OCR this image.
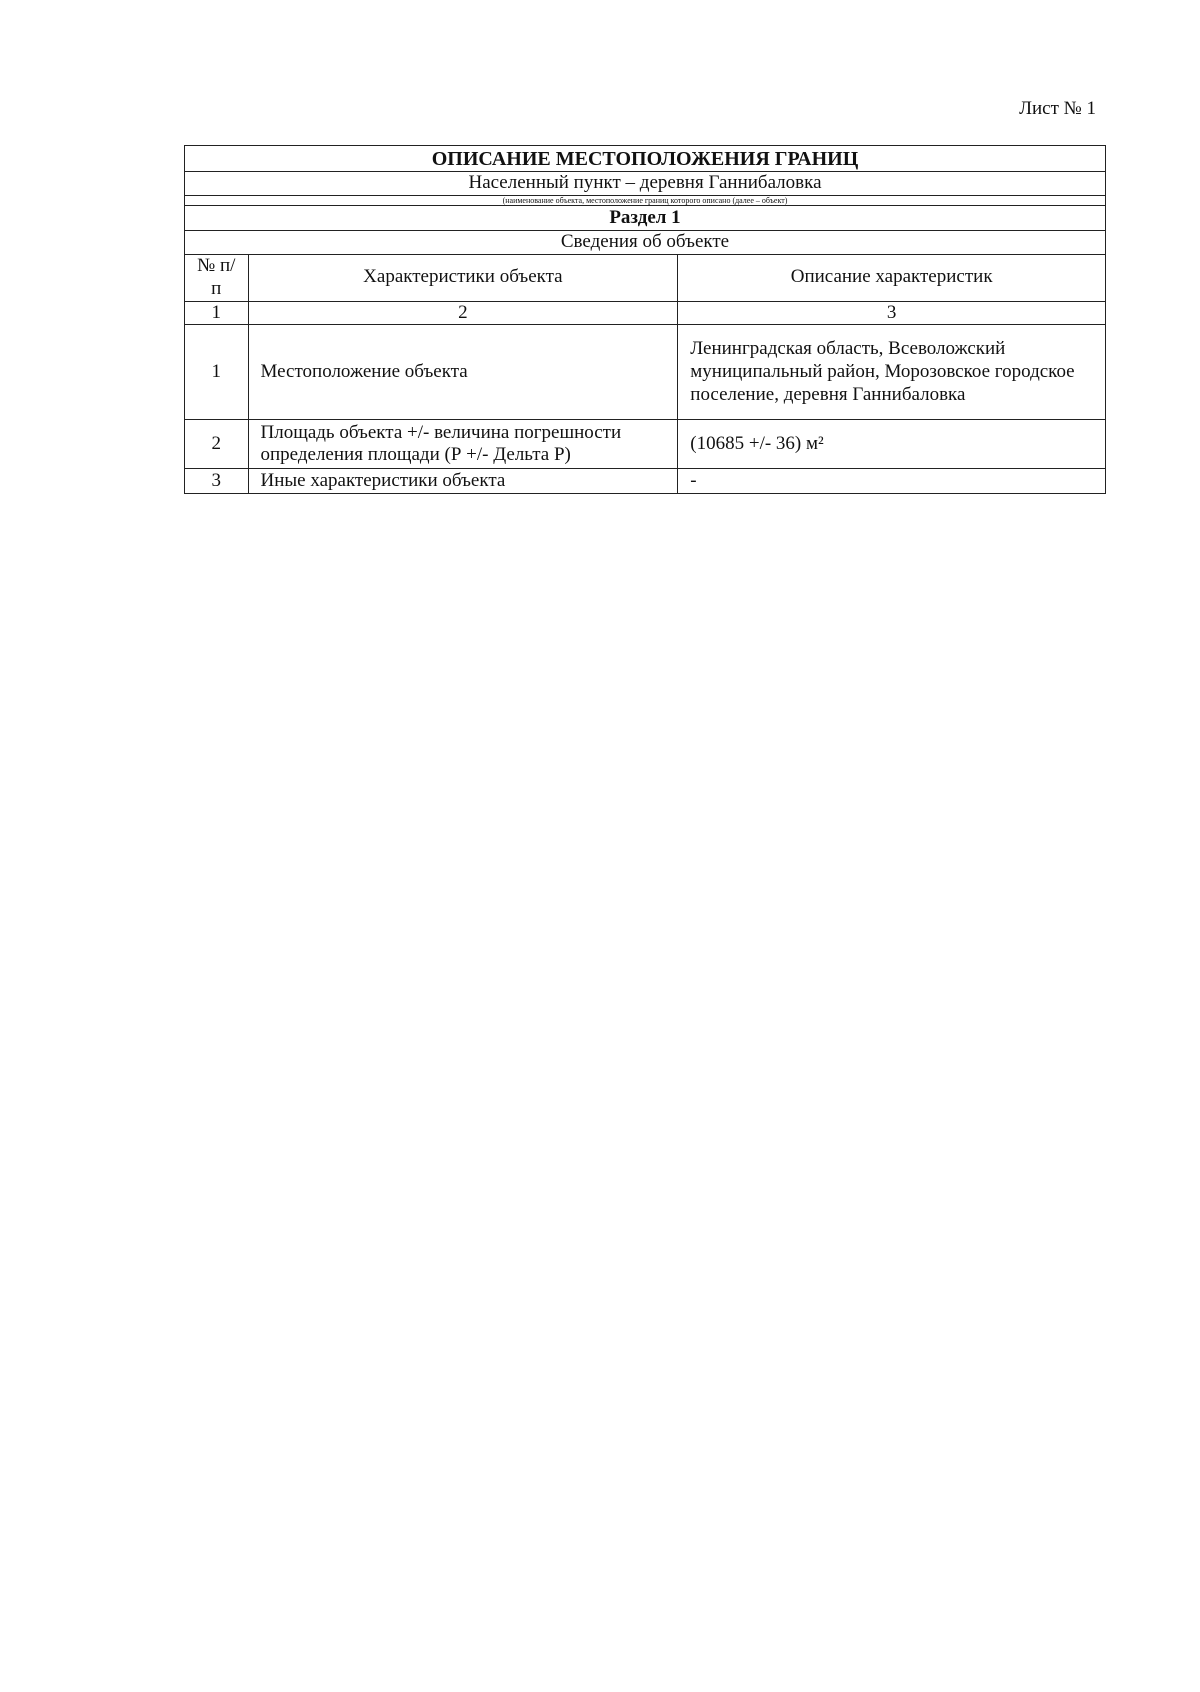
Лист № 1
ОПИСАНИЕ МЕСТОПОЛОЖЕНИЯ ГРАНИЦ		
Населенный пункт – деревня Ганнибаловка		
(наименование объекта, местоположение границ которого описано (далее – объект)		
Раздел 1		
Сведения об объекте		
№ п/п	Характеристики объекта	Описание характеристик
1	2	3
1	Местоположение объекта	Ленинградская область, Всеволожский муниципальный район, Морозовское городское поселение, деревня Ганнибаловка
2	Площадь объекта +/- величина погрешности определения площади (Р +/- Дельта Р)	(10685 +/- 36) м²
3	Иные характеристики объекта	-
